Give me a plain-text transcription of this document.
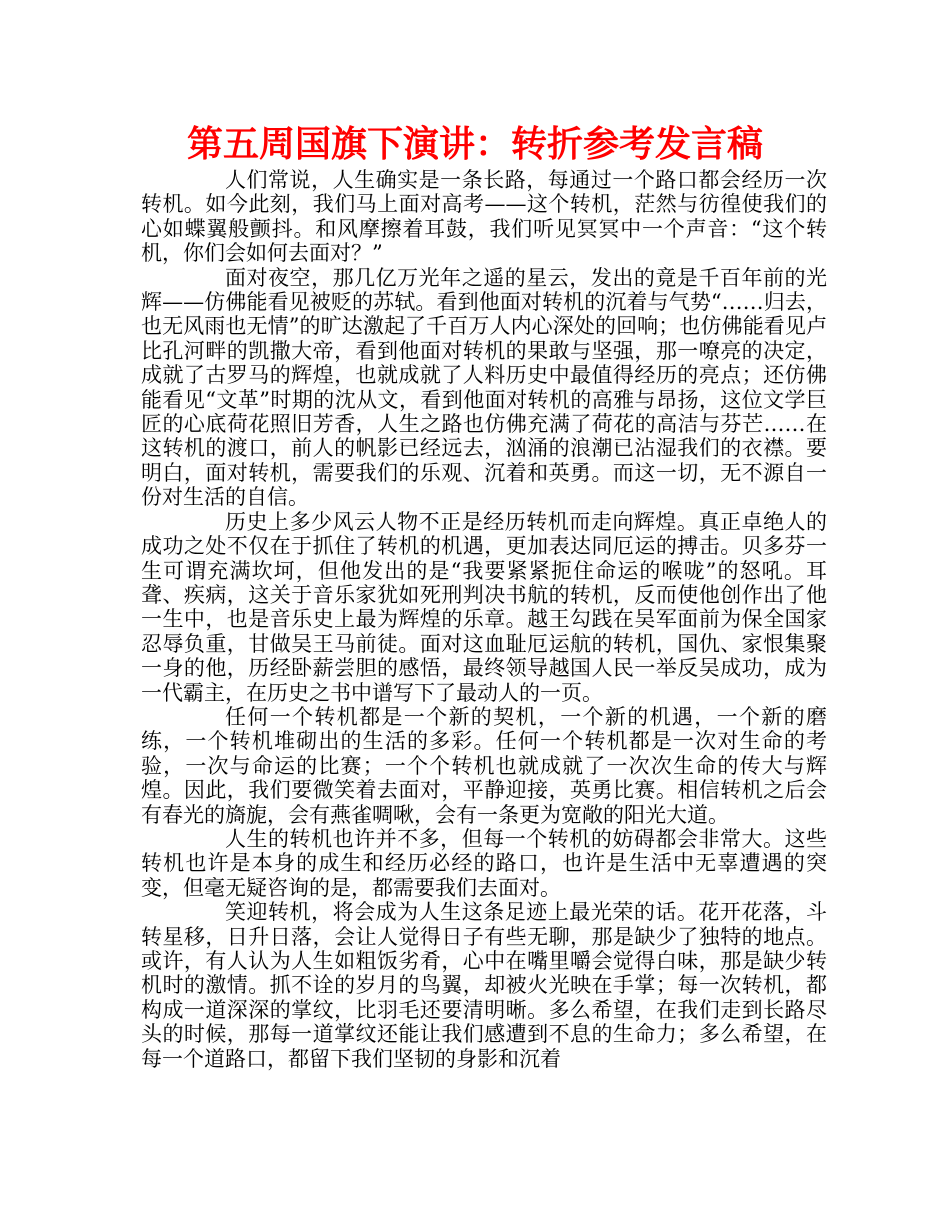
第五周国旗下演讲：转折参考发言稿

人们常说，人生确实是一条长路，每通过一个路口都会经历一次转机。如今此刻，我们马上面对高考——这个转机，茫然与彷徨使我们的心如蝶翼般颤抖。和风摩擦着耳鼓，我们听见冥冥中一个声音：“这个转机，你们会如何去面对？”

面对夜空，那几亿万光年之遥的星云，发出的竟是千百年前的光辉——仿佛能看见被贬的苏轼。看到他面对转机的沉着与气势“……归去，也无风雨也无情”的旷达激起了千百万人内心深处的回响；也仿佛能看见卢比孔河畔的凯撒大帝，看到他面对转机的果敢与坚强，那一嘹亮的决定，成就了古罗马的辉煌，也就成就了人料历史中最值得经历的亮点；还仿佛能看见“文革”时期的沈从文，看到他面对转机的高雅与昂扬，这位文学巨匠的心底荷花照旧芳香，人生之路也仿佛充满了荷花的高洁与芬芒……在这转机的渡口，前人的帆影已经远去，汹涌的浪潮已沾湿我们的衣襟。要明白，面对转机，需要我们的乐观、沉着和英勇。而这一切，无不源自一份对生活的自信。

历史上多少风云人物不正是经历转机而走向辉煌。真正卓绝人的成功之处不仅在于抓住了转机的机遇，更加表达同厄运的搏击。贝多芬一生可谓充满坎坷，但他发出的是“我要紧紧扼住命运的喉咙”的怒吼。耳聋、疾病，这关于音乐家犹如死刑判决书航的转机，反而使他创作出了他一生中，也是音乐史上最为辉煌的乐章。越王勾践在吴军面前为保全国家忍辱负重，甘做吴王马前徒。面对这血耻厄运航的转机，国仇、家恨集聚一身的他，历经卧薪尝胆的感悟，最终领导越国人民一举反吴成功，成为一代霸主，在历史之书中谱写下了最动人的一页。

任何一个转机都是一个新的契机，一个新的机遇，一个新的磨练，一个转机堆砌出的生活的多彩。任何一个转机都是一次对生命的考验，一次与命运的比赛；一个个转机也就成就了一次次生命的传大与辉煌。因此，我们要微笑着去面对，平静迎接，英勇比赛。相信转机之后会有春光的旖旎，会有燕雀啁啾，会有一条更为宽敞的阳光大道。

人生的转机也许并不多，但每一个转机的妨碍都会非常大。这些转机也许是本身的成生和经历必经的路口，也许是生活中无辜遭遇的突变，但毫无疑咨询的是，都需要我们去面对。

笑迎转机，将会成为人生这条足迹上最光荣的话。花开花落，斗转星移，日升日落，会让人觉得日子有些无聊，那是缺少了独特的地点。或许，有人认为人生如粗饭劣肴，心中在嘴里嚼会觉得白味，那是缺少转机时的激情。抓不诠的岁月的鸟翼，却被火光映在手掌；每一次转机，都构成一道深深的掌纹，比羽毛还要清明晰。多么希望，在我们走到长路尽头的时候，那每一道掌纹还能让我们感遭到不息的生命力；多么希望，在每一个道路口，都留下我们坚韧的身影和沉着
